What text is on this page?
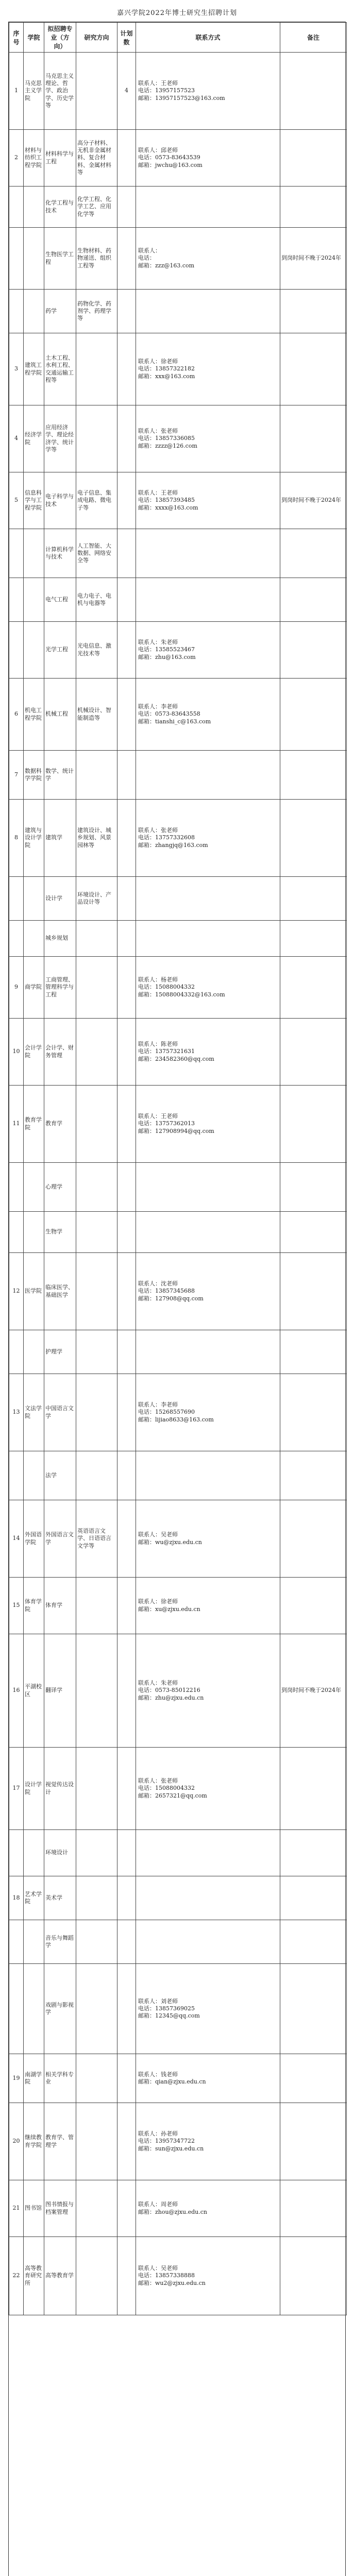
嘉兴学院2022年博士研究生招聘计划
序号	学院	拟招聘专业（方向）	研究方向	计划数	联系方式	备注
1	马克思主义学院	马克思主义理论、哲学、政治学、历史学等		4	联系人：王老师
电话：13957157523
邮箱：13957157523@163.com	

2	材料与纺织工程学院	材料科学与工程	高分子材料、无机非金属材料、复合材料、金属材料等		联系人：邱老师
电话：0573-83643539
邮箱：jwchu@163.com	

		化学工程与技术	化学工程、化学工艺、应用化学等			
		生物医学工程	生物材料、药物递送、组织工程等		联系人：
电话：
邮箱：zzz@163.com	到岗时间不晚于2024年
		药学	药物化学、药剂学、药理学等			
3	建筑工程学院	土木工程、水利工程、交通运输工程等			联系人：徐老师
电话：13857322182
邮箱：xxx@163.com	

4	经济学院	应用经济学、理论经济学、统计学等			联系人：张老师
电话：13857336085
邮箱：zzzz@126.com	

5	信息科学与工程学院	电子科学与技术	电子信息、集成电路、微电子等		联系人：王老师
电话：13857393485
邮箱：xxxx@163.com	到岗时间不晚于2024年
		计算机科学与技术	人工智能、大数据、网络安全等			
		电气工程	电力电子、电机与电器等			
		光学工程	光电信息、激光技术等		联系人：朱老师
电话：13585523467
邮箱：zhu@163.com	

6	机电工程学院	机械工程	机械设计、智能制造等		联系人：李老师
电话：0573-83643558
邮箱：tianshi_c@163.com	

7	数据科学学院	数学、统计学				
8	建筑与设计学院	建筑学	建筑设计、城乡规划、风景园林等		联系人：张老师
电话：13757332608
邮箱：zhangjq@163.com	

		设计学	环境设计、产品设计等			
		城乡规划				
9	商学院	工商管理、管理科学与工程			联系人：杨老师
电话：15088004332
邮箱：15088004332@163.com	

10	会计学院	会计学、财务管理			联系人：陈老师
电话：13757321631
邮箱：234582360@qq.com	

11	教育学院	教育学			联系人：王老师
电话：13757362013
邮箱：127908994@qq.com	

		心理学				
		生物学				
12	医学院	临床医学、基础医学			联系人：沈老师
电话：13857345688
邮箱：127908@qq.com	

		护理学				
13	文法学院	中国语言文学			联系人：李老师
电话：15268557690
邮箱：lijiao8633@163.com	

		法学				
14	外国语学院	外国语言文学	英语语言文学、日语语言文学等		联系人：吴老师
邮箱：wu@zjxu.edu.cn	

15	体育学院	体育学			联系人：徐老师
邮箱：xu@zjxu.edu.cn	

16	平湖校区	翻译学			联系人：朱老师
电话：0573-85012216
邮箱：zhu@zjxu.edu.cn	到岗时间不晚于2024年
17	设计学院	视觉传达设计			联系人：张老师
电话：15088004332
邮箱：2657321@qq.com	

		环境设计				
18	艺术学院	美术学				
		音乐与舞蹈学				
		戏剧与影视学			联系人：刘老师
电话：13857369025
邮箱：12345@qq.com	

19	南湖学院	相关学科专业			联系人：钱老师
邮箱：qian@zjxu.edu.cn	

20	继续教育学院	教育学、管理学			联系人：孙老师
电话：13957347722
邮箱：sun@zjxu.edu.cn	

21	图书馆	图书情报与档案管理			联系人：周老师
邮箱：zhou@zjxu.edu.cn	

22	高等教育研究所	高等教育学			联系人：吴老师
电话：13857338888
邮箱：wu2@zjxu.edu.cn	
